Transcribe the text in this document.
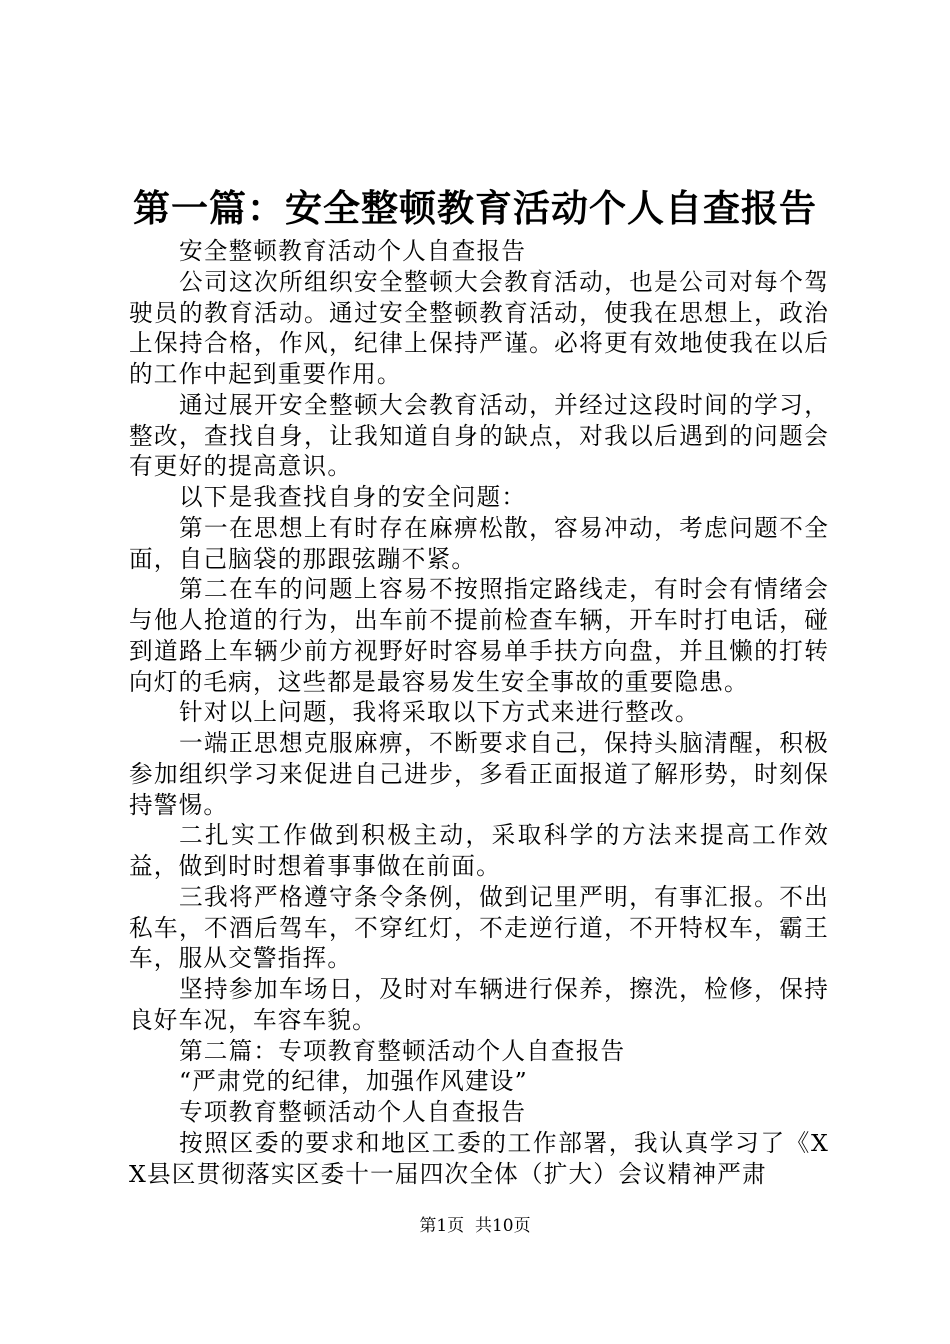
第一篇：安全整顿教育活动个人自查报告

安全整顿教育活动个人自查报告

公司这次所组织安全整顿大会教育活动，也是公司对每个驾驶员的教育活动。通过安全整顿教育活动，使我在思想上，政治上保持合格，作风，纪律上保持严谨。必将更有效地使我在以后的工作中起到重要作用。

通过展开安全整顿大会教育活动，并经过这段时间的学习，整改，查找自身，让我知道自身的缺点，对我以后遇到的问题会有更好的提高意识。

以下是我查找自身的安全问题：

第一在思想上有时存在麻痹松散，容易冲动，考虑问题不全面，自己脑袋的那跟弦蹦不紧。

第二在车的问题上容易不按照指定路线走，有时会有情绪会与他人抢道的行为，出车前不提前检查车辆，开车时打电话，碰到道路上车辆少前方视野好时容易单手扶方向盘，并且懒的打转向灯的毛病，这些都是最容易发生安全事故的重要隐患。

针对以上问题，我将采取以下方式来进行整改。

一端正思想克服麻痹，不断要求自己，保持头脑清醒，积极参加组织学习来促进自己进步，多看正面报道了解形势，时刻保持警惕。

二扎实工作做到积极主动，采取科学的方法来提高工作效益，做到时时想着事事做在前面。

三我将严格遵守条令条例，做到记里严明，有事汇报。不出私车，不酒后驾车，不穿红灯，不走逆行道，不开特权车，霸王车，服从交警指挥。

坚持参加车场日，及时对车辆进行保养，擦洗，检修，保持良好车况，车容车貌。

第二篇：专项教育整顿活动个人自查报告

“严肃党的纪律，加强作风建设”

专项教育整顿活动个人自查报告

按照区委的要求和地区工委的工作部署，我认真学习了《XX县区贯彻落实区委十一届四次全体（扩大）会议精神严肃

第1页  共10页
